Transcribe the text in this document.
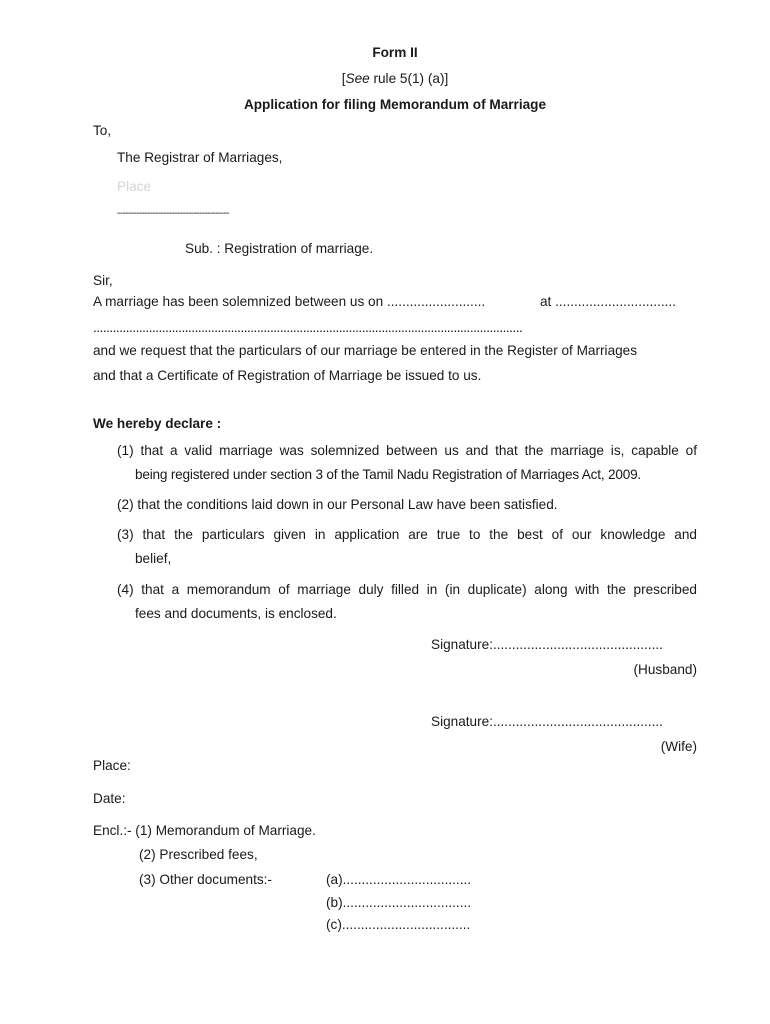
Form II
[See rule 5(1) (a)]
Application for filing Memorandum of Marriage
To,
The Registrar of Marriages,
Place
-----------------------------------------
Sub. : Registration of marriage.
Sir,
A marriage has been solemnized between us on ..........................	at ................................
...................................................................................................................................
and we request that the particulars of our marriage be entered in the Register of Marriages
and that a Certificate of Registration of Marriage be issued to us.
We hereby declare :
(1) that a valid marriage was solemnized between us and that the marriage is, capable of
being registered under section 3 of the Tamil Nadu Registration of Marriages Act, 2009.
(2) that the conditions laid down in our Personal Law have been satisfied.
(3) that the particulars given in application are true to the best of our knowledge and
belief,
(4) that a memorandum of marriage duly filled in (in duplicate) along with the prescribed
fees and documents, is enclosed.
Signature:.............................................
(Husband)
Signature:.............................................
(Wife)
Place:
Date:
Encl.:- (1) Memorandum of Marriage.
(2) Prescribed fees,
(3) Other documents:-	(a)..................................
(b)..................................
(c)..................................
